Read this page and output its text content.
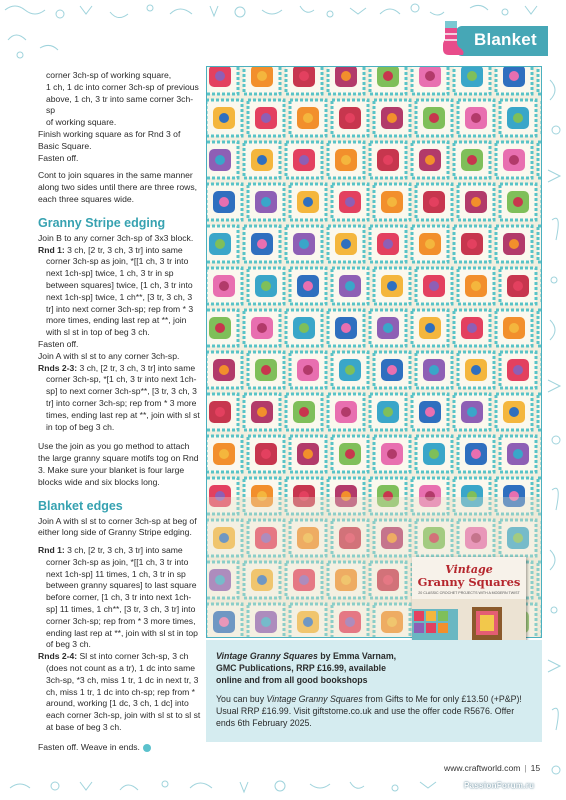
Blanket

corner 3ch-sp of working square,

1 ch, 1 dc into corner 3ch-sp of previous

above, 1 ch, 3 tr into same corner 3ch-sp

of working square.

Finish working square as for Rnd 3 of Basic Square.

Fasten off.

Cont to join squares in the same manner along two sides until there are three rows, each three squares wide.

Granny Stripe edging

Join B to any corner 3ch-sp of 3x3 block.

Rnd 1: 3 ch, [2 tr, 3 ch, 3 tr] into same corner 3ch-sp as join, *[[1 ch, 3 tr into next 1ch-sp] twice, 1 ch, 3 tr in sp between squares] twice, [1 ch, 3 tr into next 1ch-sp] twice, 1 ch**, [3 tr, 3 ch, 3 tr] into next corner 3ch-sp; rep from * 3 more times, ending last rep at **, join with sl st in top of beg 3 ch.

Fasten off.

Join A with sl st to any corner 3ch-sp.

Rnds 2-3: 3 ch, [2 tr, 3 ch, 3 tr] into same corner 3ch-sp, *[1 ch, 3 tr into next 1ch-sp] to next corner 3ch-sp**, [3 tr, 3 ch, 3 tr] into corner 3ch-sp; rep from * 3 more times, ending last rep at **, join with sl st in top of beg 3 ch.

Use the join as you go method to attach the large granny square motifs tog on Rnd 3. Make sure your blanket is four large blocks wide and six blocks long.

Blanket edges

Join A with sl st to corner 3ch-sp at beg of either long side of Granny Stripe edging.

Rnd 1: 3 ch, [2 tr, 3 ch, 3 tr] into same corner 3ch-sp as join, *[[1 ch, 3 tr into next 1ch-sp] 11 times, 1 ch, 3 tr in sp between granny squares] to last square before corner, [1 ch, 3 tr into next 1ch-sp] 11 times, 1 ch**, [3 tr, 3 ch, 3 tr] into corner 3ch-sp; rep from * 3 more times, ending last rep at **, join with sl st in top of beg 3 ch.

Rnds 2-4: Sl st into corner 3ch-sp, 3 ch (does not count as a tr), 1 dc into same 3ch-sp, *3 ch, miss 1 tr, 1 dc in next tr, 3 ch, miss 1 tr, 1 dc into ch-sp; rep from * around, working [1 dc, 3 ch, 1 dc] into each corner 3ch-sp, join with sl st to sl st at base of beg 3 ch.

Fasten off. Weave in ends.

Vintage
Granny Squares
20 CLASSIC CROCHET PROJECTS WITH A MODERN TWIST

Vintage Granny Squares by Emma Varnam, GMC Publications, RRP £16.99, available online and from all good bookshops

You can buy Vintage Granny Squares from Gifts to Me for only £13.50 (+P&P)! Usual RRP £16.99. Visit giftstome.co.uk and use the offer code R5676. Offer ends 6th February 2025.

www.craftworld.com | 15
PassionForum.ru
